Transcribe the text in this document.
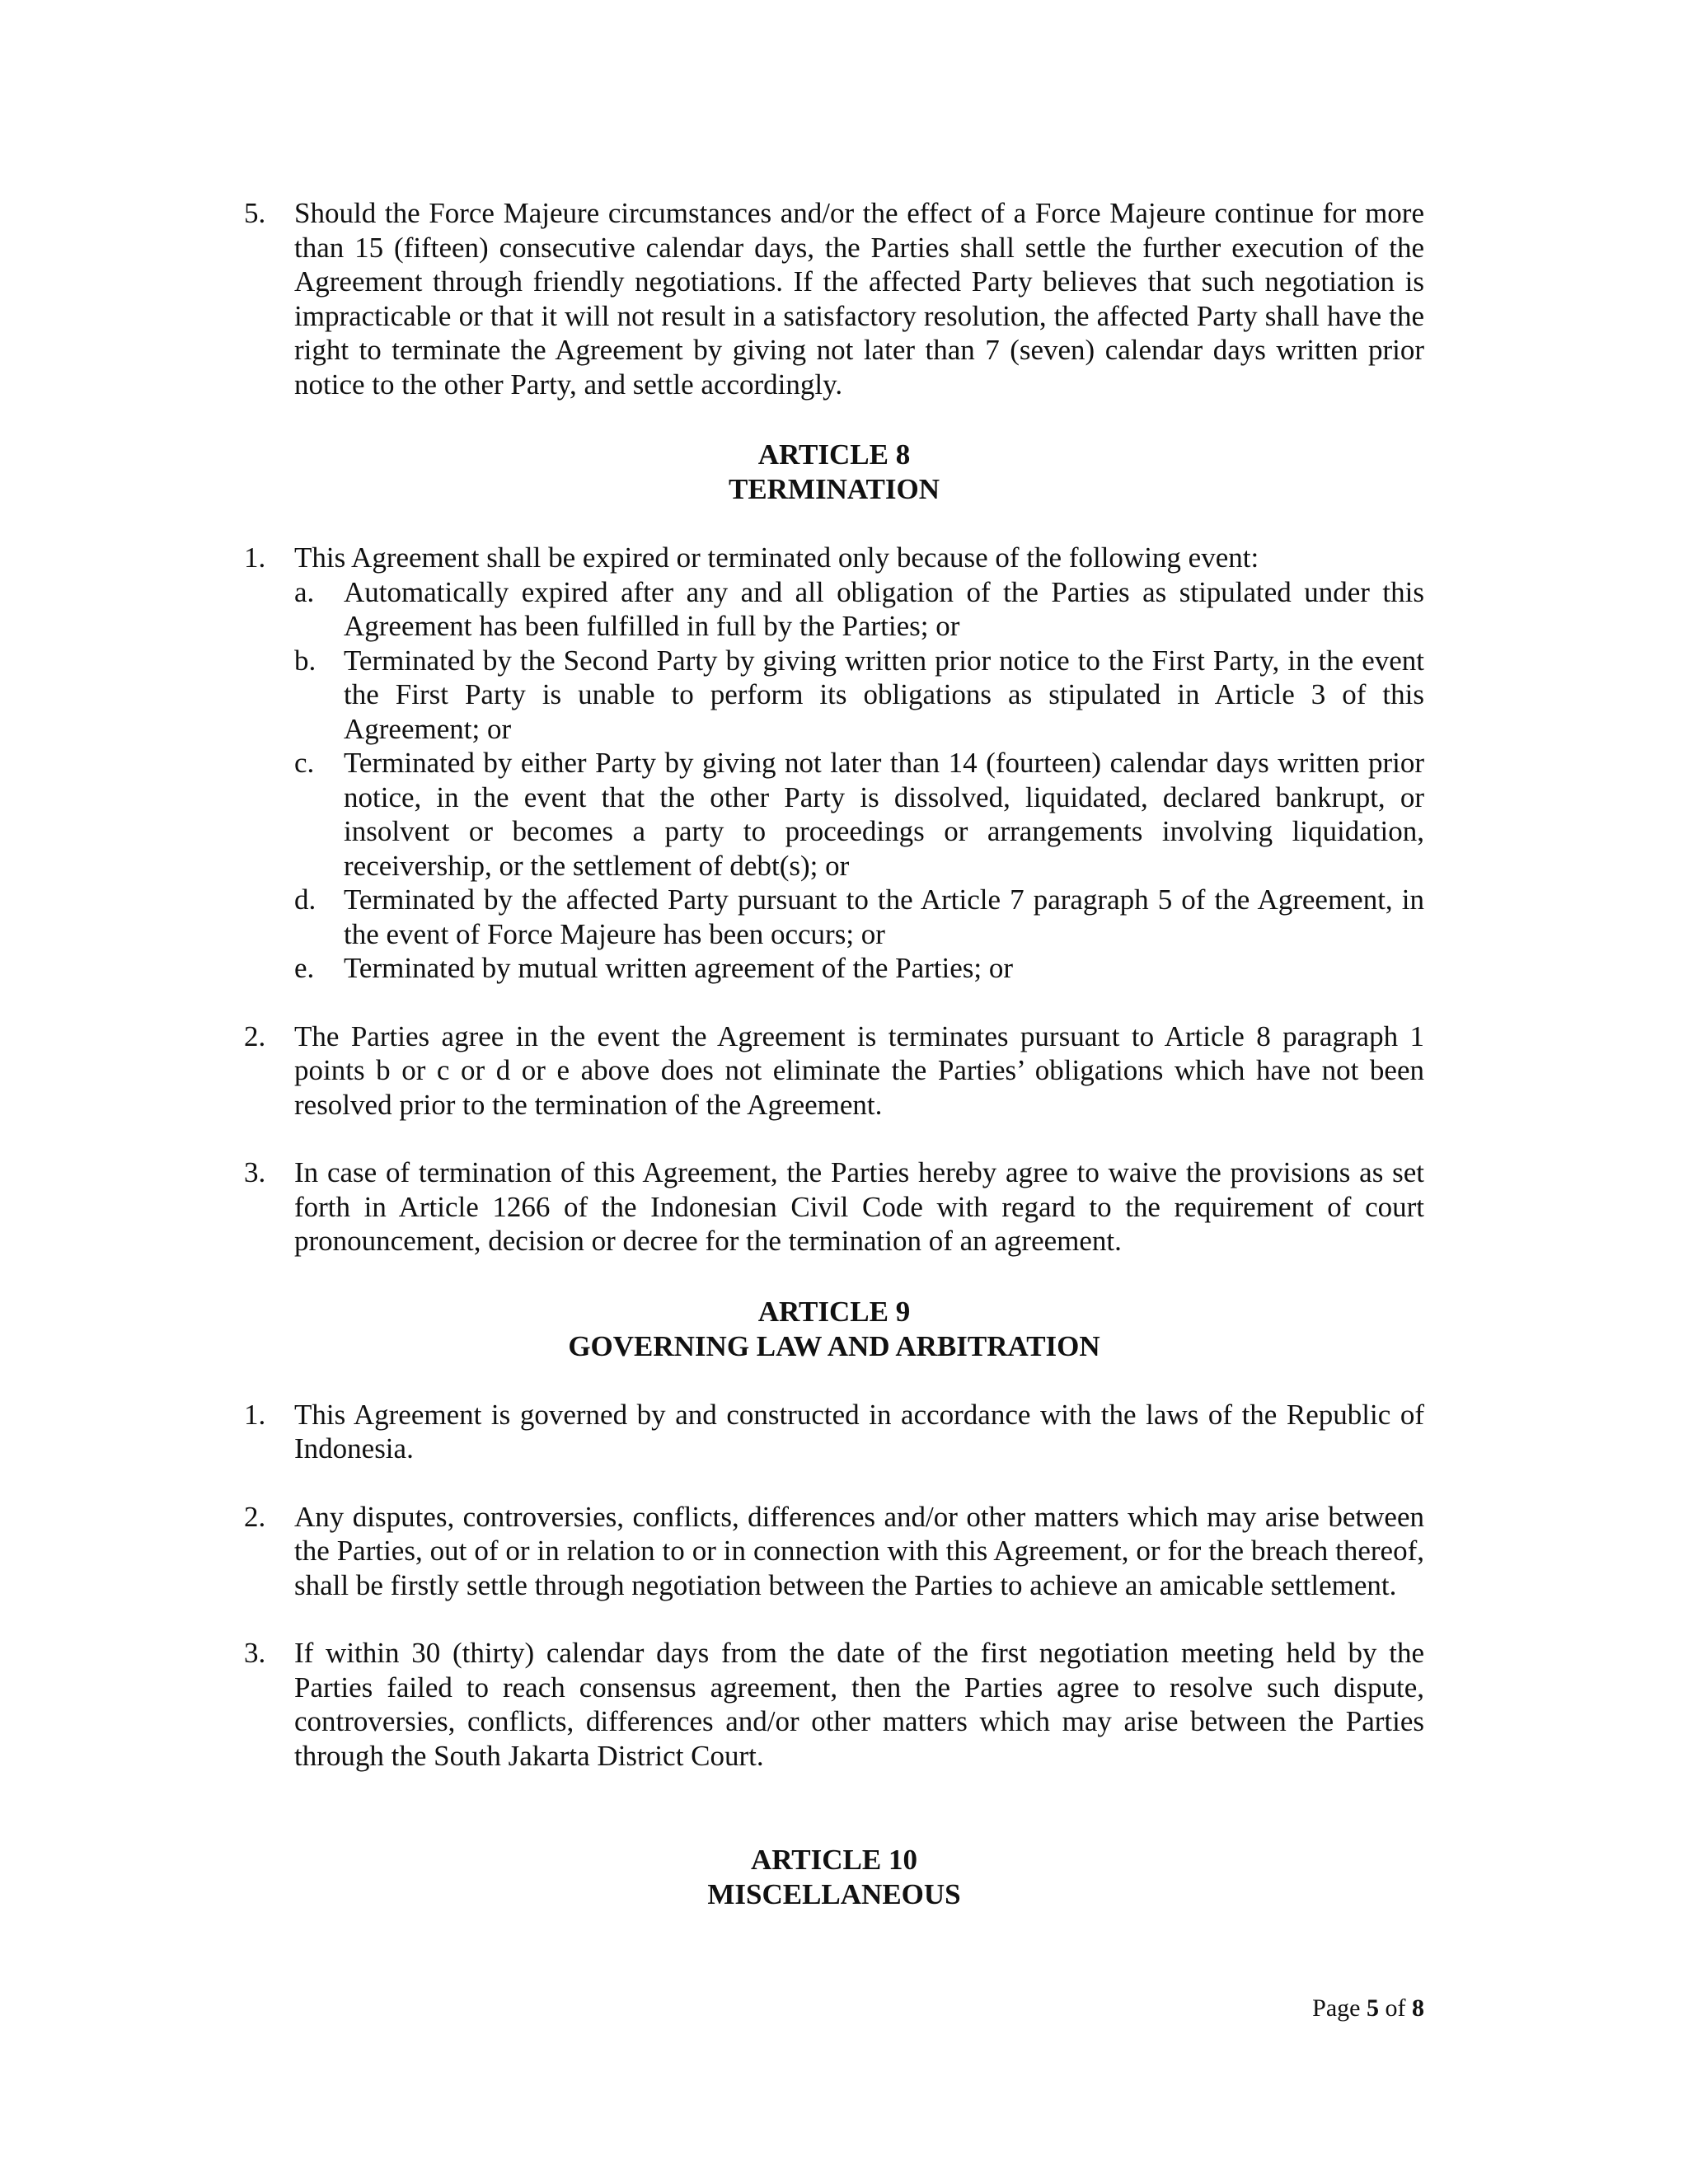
5. Should the Force Majeure circumstances and/or the effect of a Force Majeure continue for more than 15 (fifteen) consecutive calendar days, the Parties shall settle the further execution of the Agreement through friendly negotiations. If the affected Party believes that such negotiation is impracticable or that it will not result in a satisfactory resolution, the affected Party shall have the right to terminate the Agreement by giving not later than 7 (seven) calendar days written prior notice to the other Party, and settle accordingly.
ARTICLE 8
TERMINATION
1. This Agreement shall be expired or terminated only because of the following event:
a. Automatically expired after any and all obligation of the Parties as stipulated under this Agreement has been fulfilled in full by the Parties; or
b. Terminated by the Second Party by giving written prior notice to the First Party, in the event the First Party is unable to perform its obligations as stipulated in Article 3 of this Agreement; or
c. Terminated by either Party by giving not later than 14 (fourteen) calendar days written prior notice, in the event that the other Party is dissolved, liquidated, declared bankrupt, or insolvent or becomes a party to proceedings or arrangements involving liquidation, receivership, or the settlement of debt(s); or
d. Terminated by the affected Party pursuant to the Article 7 paragraph 5 of the Agreement, in the event of Force Majeure has been occurs; or
e. Terminated by mutual written agreement of the Parties; or
2. The Parties agree in the event the Agreement is terminates pursuant to Article 8 paragraph 1 points b or c or d or e above does not eliminate the Parties’ obligations which have not been resolved prior to the termination of the Agreement.
3. In case of termination of this Agreement, the Parties hereby agree to waive the provisions as set forth in Article 1266 of the Indonesian Civil Code with regard to the requirement of court pronouncement, decision or decree for the termination of an agreement.
ARTICLE 9
GOVERNING LAW AND ARBITRATION
1. This Agreement is governed by and constructed in accordance with the laws of the Republic of Indonesia.
2. Any disputes, controversies, conflicts, differences and/or other matters which may arise between the Parties, out of or in relation to or in connection with this Agreement, or for the breach thereof, shall be firstly settle through negotiation between the Parties to achieve an amicable settlement.
3. If within 30 (thirty) calendar days from the date of the first negotiation meeting held by the Parties failed to reach consensus agreement, then the Parties agree to resolve such dispute, controversies, conflicts, differences and/or other matters which may arise between the Parties through the South Jakarta District Court.
ARTICLE 10
MISCELLANEOUS
Page 5 of 8
